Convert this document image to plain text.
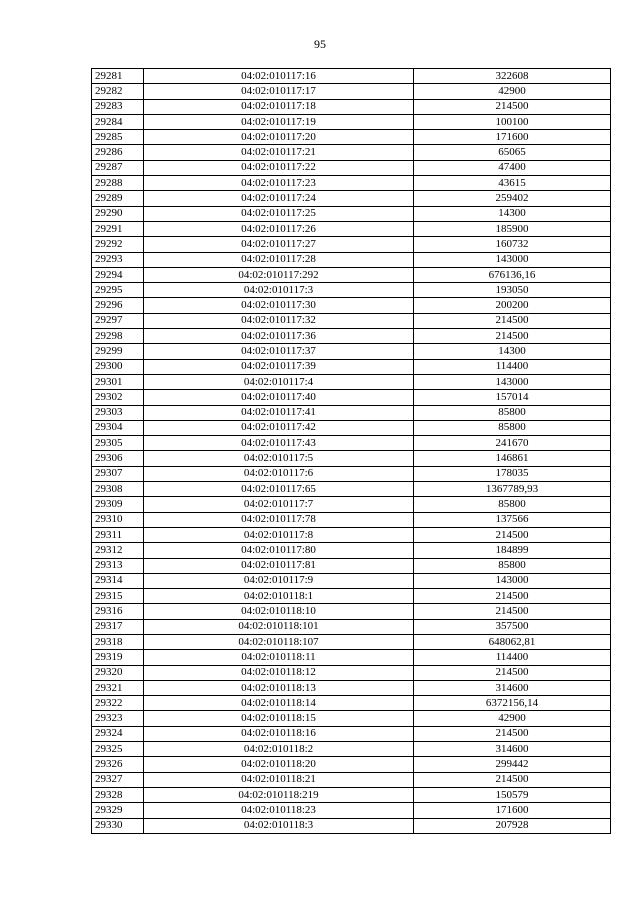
95
29281	04:02:010117:16	322608
29282	04:02:010117:17	42900
29283	04:02:010117:18	214500
29284	04:02:010117:19	100100
29285	04:02:010117:20	171600
29286	04:02:010117:21	65065
29287	04:02:010117:22	47400
29288	04:02:010117:23	43615
29289	04:02:010117:24	259402
29290	04:02:010117:25	14300
29291	04:02:010117:26	185900
29292	04:02:010117:27	160732
29293	04:02:010117:28	143000
29294	04:02:010117:292	676136,16
29295	04:02:010117:3	193050
29296	04:02:010117:30	200200
29297	04:02:010117:32	214500
29298	04:02:010117:36	214500
29299	04:02:010117:37	14300
29300	04:02:010117:39	114400
29301	04:02:010117:4	143000
29302	04:02:010117:40	157014
29303	04:02:010117:41	85800
29304	04:02:010117:42	85800
29305	04:02:010117:43	241670
29306	04:02:010117:5	146861
29307	04:02:010117:6	178035
29308	04:02:010117:65	1367789,93
29309	04:02:010117:7	85800
29310	04:02:010117:78	137566
29311	04:02:010117:8	214500
29312	04:02:010117:80	184899
29313	04:02:010117:81	85800
29314	04:02:010117:9	143000
29315	04:02:010118:1	214500
29316	04:02:010118:10	214500
29317	04:02:010118:101	357500
29318	04:02:010118:107	648062,81
29319	04:02:010118:11	114400
29320	04:02:010118:12	214500
29321	04:02:010118:13	314600
29322	04:02:010118:14	6372156,14
29323	04:02:010118:15	42900
29324	04:02:010118:16	214500
29325	04:02:010118:2	314600
29326	04:02:010118:20	299442
29327	04:02:010118:21	214500
29328	04:02:010118:219	150579
29329	04:02:010118:23	171600
29330	04:02:010118:3	207928
